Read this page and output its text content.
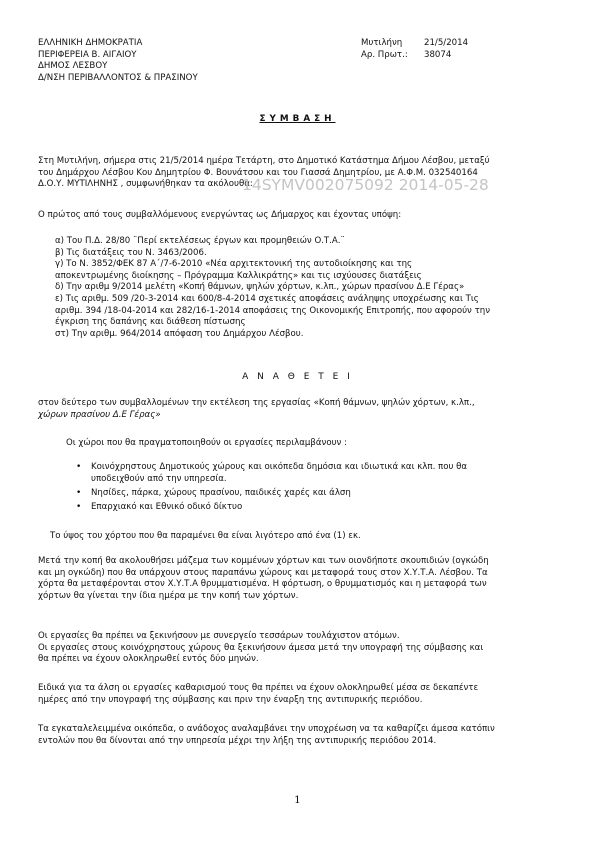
ΕΛΛΗΝΙΚΗ ΔΗΜΟΚΡΑΤΙΑ
ΠΕΡΙΦΕΡΕΙΑ Β. ΑΙΓΑΙΟΥ
ΔΗΜΟΣ ΛΕΣΒΟΥ
Δ/ΝΣΗ ΠΕΡΙΒΑΛΛΟΝΤΟΣ & ΠΡΑΣΙΝΟΥ
Μυτιλήνη	21/5/2014
Αρ. Πρωτ.:	38074
ΣΥΜΒΑΣΗ
Στη Μυτιλήνη, σήμερα στις 21/5/2014 ημέρα Τετάρτη, στο Δημοτικό Κατάστημα Δήμου Λέσβου, μεταξύ
του Δημάρχου Λέσβου Κου Δημητρίου Φ. Βουνάτσου και του Γιασσά Δημητρίου, με Α.Φ.Μ. 032540164
Δ.Ο.Υ. ΜΥΤΙΛΗΝΗΣ , συμφωνήθηκαν τα ακόλουθα:
14SYMV002075092 2014-05-28
Ο πρώτος από τους συμβαλλόμενους ενεργώντας ως Δήμαρχος και έχοντας υπόψη:
α) Του Π.Δ. 28/80 ¨Περί εκτελέσεως έργων και προμηθειών Ο.Τ.Α.¨
β) Τις διατάξεις του Ν. 3463/2006.
γ) Το Ν. 3852/ΦΕΚ 87 Α΄/7-6-2010 «Νέα αρχιτεκτονική της αυτοδιοίκησης και της
αποκεντρωμένης διοίκησης – Πρόγραμμα Καλλικράτης» και τις ισχύουσες διατάξεις
δ) Την αριθμ 9/2014 μελέτη «Κοπή θάμνων, ψηλών χόρτων, κ.λπ., χώρων πρασίνου Δ.Ε Γέρας»
ε) Τις αριθμ. 509 /20-3-2014 και 600/8-4-2014 σχετικές αποφάσεις ανάληψης υποχρέωσης και Τις
αριθμ. 394 /18-04-2014 και 282/16-1-2014 αποφάσεις της Οικονομικής Επιτροπής, που αφορούν την
έγκριση της δαπάνης και διάθεση πίστωσης
στ) Την αριθμ. 964/2014 απόφαση του Δημάρχου Λέσβου.
Α Ν Α Θ Ε Τ Ε Ι
στον δεύτερο των συμβαλλομένων την εκτέλεση της εργασίας «Κοπή θάμνων, ψηλών χόρτων, κ.λπ.,
χώρων πρασίνου Δ.Ε Γέρας»
Οι χώροι που θα πραγματοποιηθούν οι εργασίες περιλαμβάνουν :
• Κοινόχρηστους Δημοτικούς χώρους και οικόπεδα δημόσια και ιδιωτικά και κλπ. που θα
υποδειχθούν από την υπηρεσία.
• Νησίδες, πάρκα, χώρους πρασίνου, παιδικές χαρές και άλση
• Επαρχιακό και Εθνικό οδικό δίκτυο
Το ύψος του χόρτου που θα παραμένει θα είναι λιγότερο από ένα (1) εκ.
Μετά την κοπή θα ακολουθήσει μάζεμα των κομμένων χόρτων και των οιονδήποτε σκουπιδιών (ογκώδη
και μη ογκώδη) που θα υπάρχουν στους παραπάνω χώρους και μεταφορά τους στον Χ.Υ.Τ.Α. Λέσβου. Τα
χόρτα θα μεταφέρονται στον Χ.Υ.Τ.Α θρυμματισμένα. Η φόρτωση, ο θρυμματισμός και η μεταφορά των
χόρτων θα γίνεται την ίδια ημέρα με την κοπή των χόρτων.
Οι εργασίες θα πρέπει να ξεκινήσουν με συνεργείο τεσσάρων τουλάχιστον ατόμων.
Οι εργασίες στους κοινόχρηστους χώρους θα ξεκινήσουν άμεσα μετά την υπογραφή της σύμβασης και
θα πρέπει να έχουν ολοκληρωθεί εντός δύο μηνών.
Ειδικά για τα άλση οι εργασίες καθαρισμού τους θα πρέπει να έχουν ολοκληρωθεί μέσα σε δεκαπέντε
ημέρες από την υπογραφή της σύμβασης και πριν την έναρξη της αντιπυρικής περιόδου.
Τα εγκαταλελειμμένα οικόπεδα, ο ανάδοχος αναλαμβάνει την υποχρέωση να τα καθαρίζει άμεσα κατόπιν
εντολών που θα δίνονται από την υπηρεσία μέχρι την λήξη της αντιπυρικής περιόδου 2014.
1
